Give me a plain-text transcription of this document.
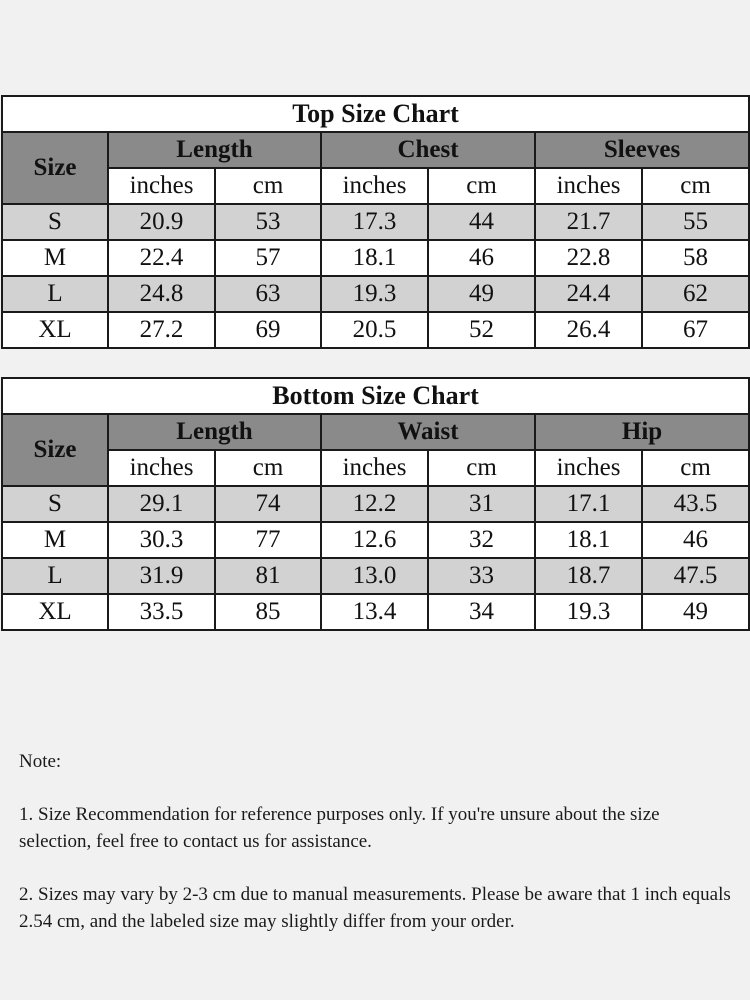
Top Size Chart						
Size	Length		Chest		Sleeves	
	inches	cm	inches	cm	inches	cm
S	20.9	53	17.3	44	21.7	55
M	22.4	57	18.1	46	22.8	58
L	24.8	63	19.3	49	24.4	62
XL	27.2	69	20.5	52	26.4	67
Bottom Size Chart						
Size	Length		Waist		Hip	
	inches	cm	inches	cm	inches	cm
S	29.1	74	12.2	31	17.1	43.5
M	30.3	77	12.6	32	18.1	46
L	31.9	81	13.0	33	18.7	47.5
XL	33.5	85	13.4	34	19.3	49

Note:

1. Size Recommendation for reference purposes only. If you're unsure about the size selection, feel free to contact us for assistance.

2. Sizes may vary by 2-3 cm due to manual measurements. Please be aware that 1 inch equals 2.54 cm, and the labeled size may slightly differ from your order.
